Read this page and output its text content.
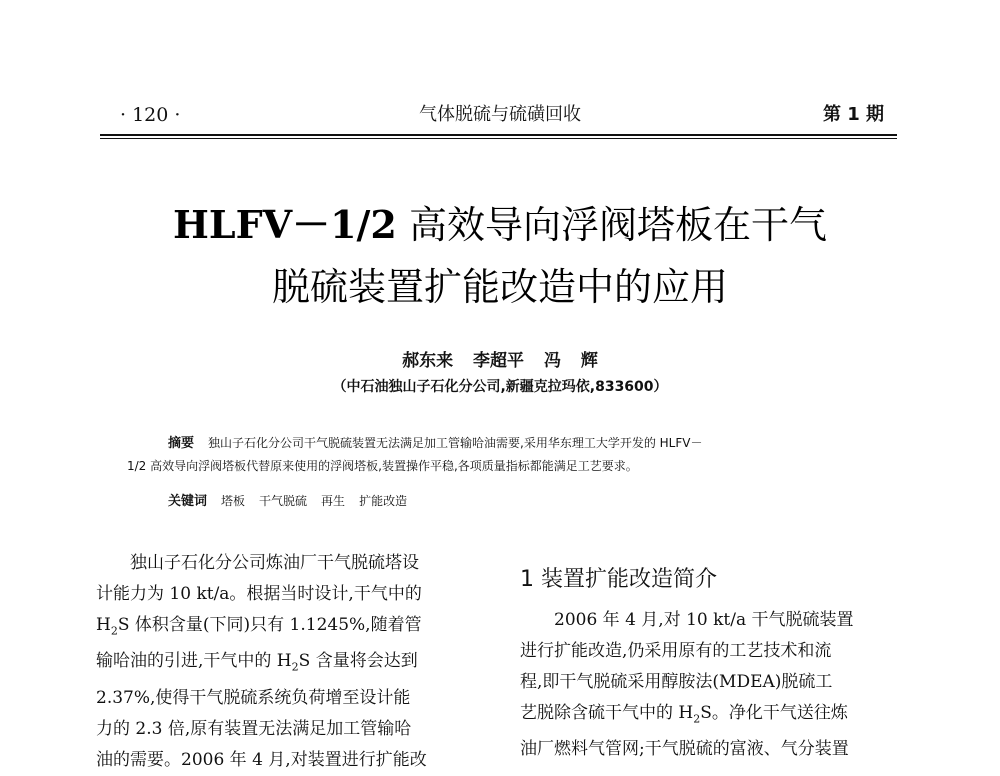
· 120 ·	气体脱硫与硫磺回收	第 1 期
HLFV－1/2 高效导向浮阀塔板在干气
脱硫装置扩能改造中的应用
郝东来 李超平 冯 辉
（中石油独山子石化分公司,新疆克拉玛依,833600）
摘要 独山子石化分公司干气脱硫装置无法满足加工管输哈油需要,采用华东理工大学开发的 HLFV－
1/2 高效导向浮阀塔板代替原来使用的浮阀塔板,装置操作平稳,各项质量指标都能满足工艺要求。
关键词 塔板 干气脱硫 再生 扩能改造

独山子石化分公司炼油厂干气脱硫塔设
计能力为 10 kt/a。根据当时设计,干气中的
$H_2S$ 体积含量(下同)只有 1.1245%,随着管
输哈油的引进,干气中的 $H_2S$ 含量将会达到
2.37%,使得干气脱硫系统负荷增至设计能
力的 2.3 倍,原有装置无法满足加工管输哈
油的需要。2006 年 4 月,对装置进行扩能改

1 装置扩能改造简介

2006 年 4 月,对 10 kt/a 干气脱硫装置
进行扩能改造,仍采用原有的工艺技术和流
程,即干气脱硫采用醇胺法(MDEA)脱硫工
艺脱除含硫干气中的 $H_2S$。净化干气送往炼
油厂燃料气管网;干气脱硫的富液、气分装置
